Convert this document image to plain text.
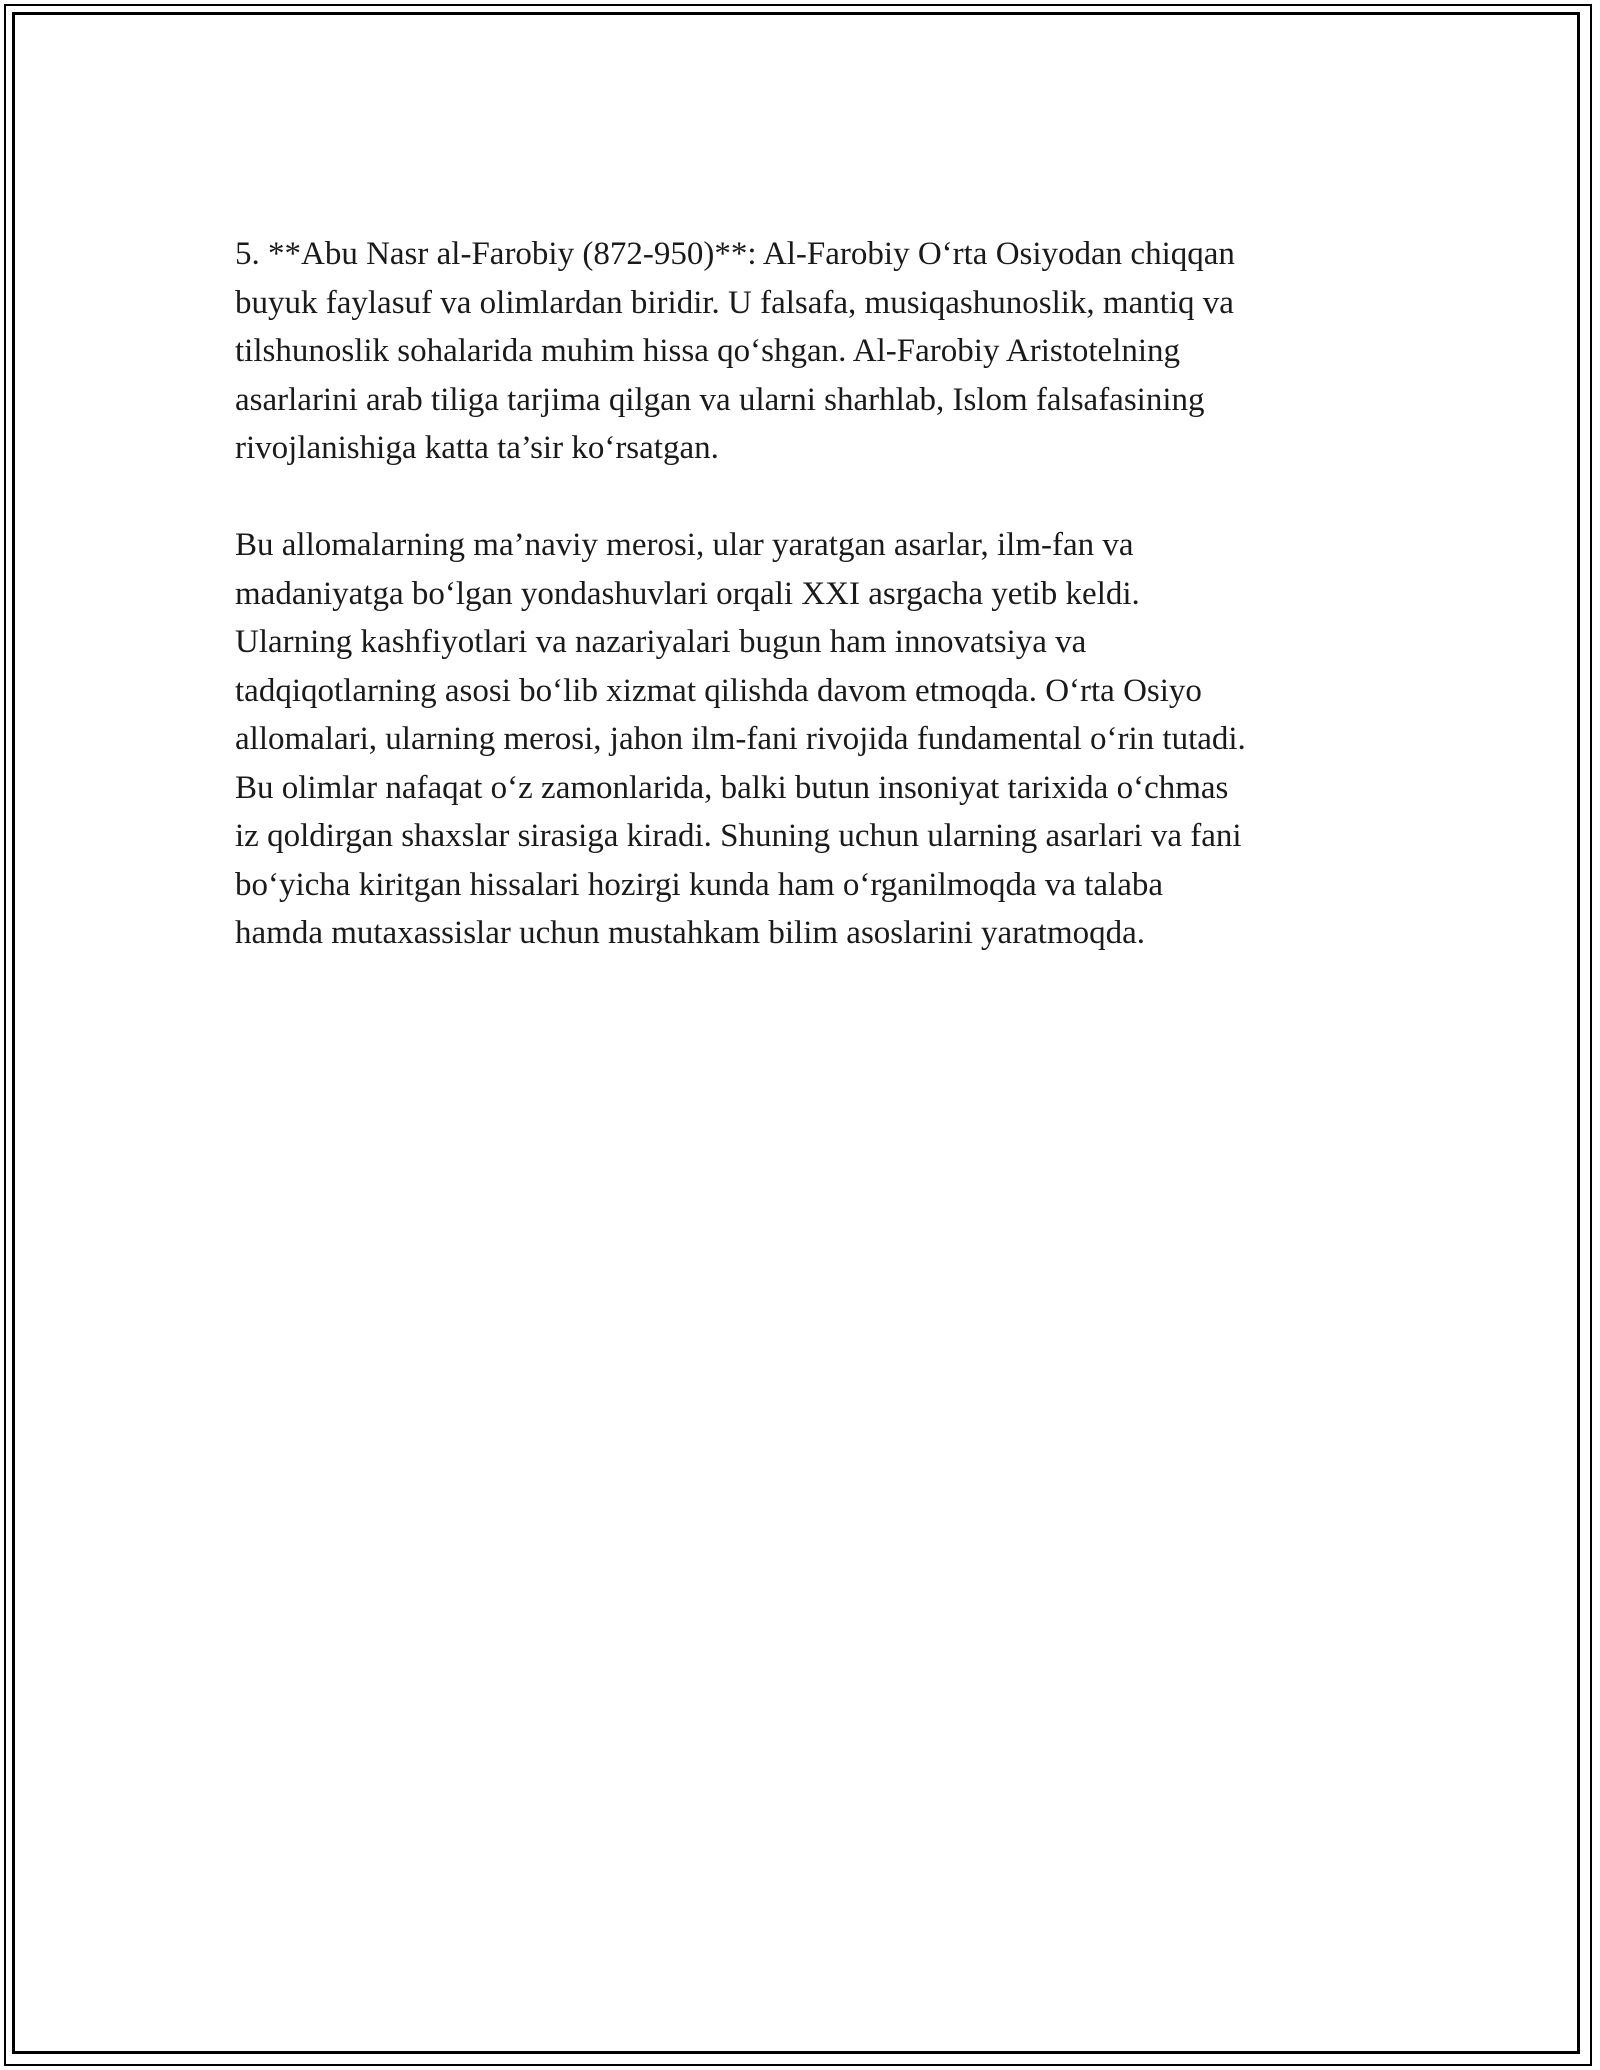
5. **Abu Nasr al-Farobiy (872-950)**: Al-Farobiy O‘rta Osiyodan chiqqan
buyuk faylasuf va olimlardan biridir. U falsafa, musiqashunoslik, mantiq va
tilshunoslik sohalarida muhim hissa qo‘shgan. Al-Farobiy Aristotelning
asarlarini arab tiliga tarjima qilgan va ularni sharhlab, Islom falsafasining
rivojlanishiga katta ta’sir ko‘rsatgan.

Bu allomalarning ma’naviy merosi, ular yaratgan asarlar, ilm-fan va
madaniyatga bo‘lgan yondashuvlari orqali XXI asrgacha yetib keldi.
Ularning kashfiyotlari va nazariyalari bugun ham innovatsiya va
tadqiqotlarning asosi bo‘lib xizmat qilishda davom etmoqda. O‘rta Osiyo
allomalari, ularning merosi, jahon ilm-fani rivojida fundamental o‘rin tutadi.
Bu olimlar nafaqat o‘z zamonlarida, balki butun insoniyat tarixida o‘chmas
iz qoldirgan shaxslar sirasiga kiradi. Shuning uchun ularning asarlari va fani
bo‘yicha kiritgan hissalari hozirgi kunda ham o‘rganilmoqda va talaba
hamda mutaxassislar uchun mustahkam bilim asoslarini yaratmoqda.
